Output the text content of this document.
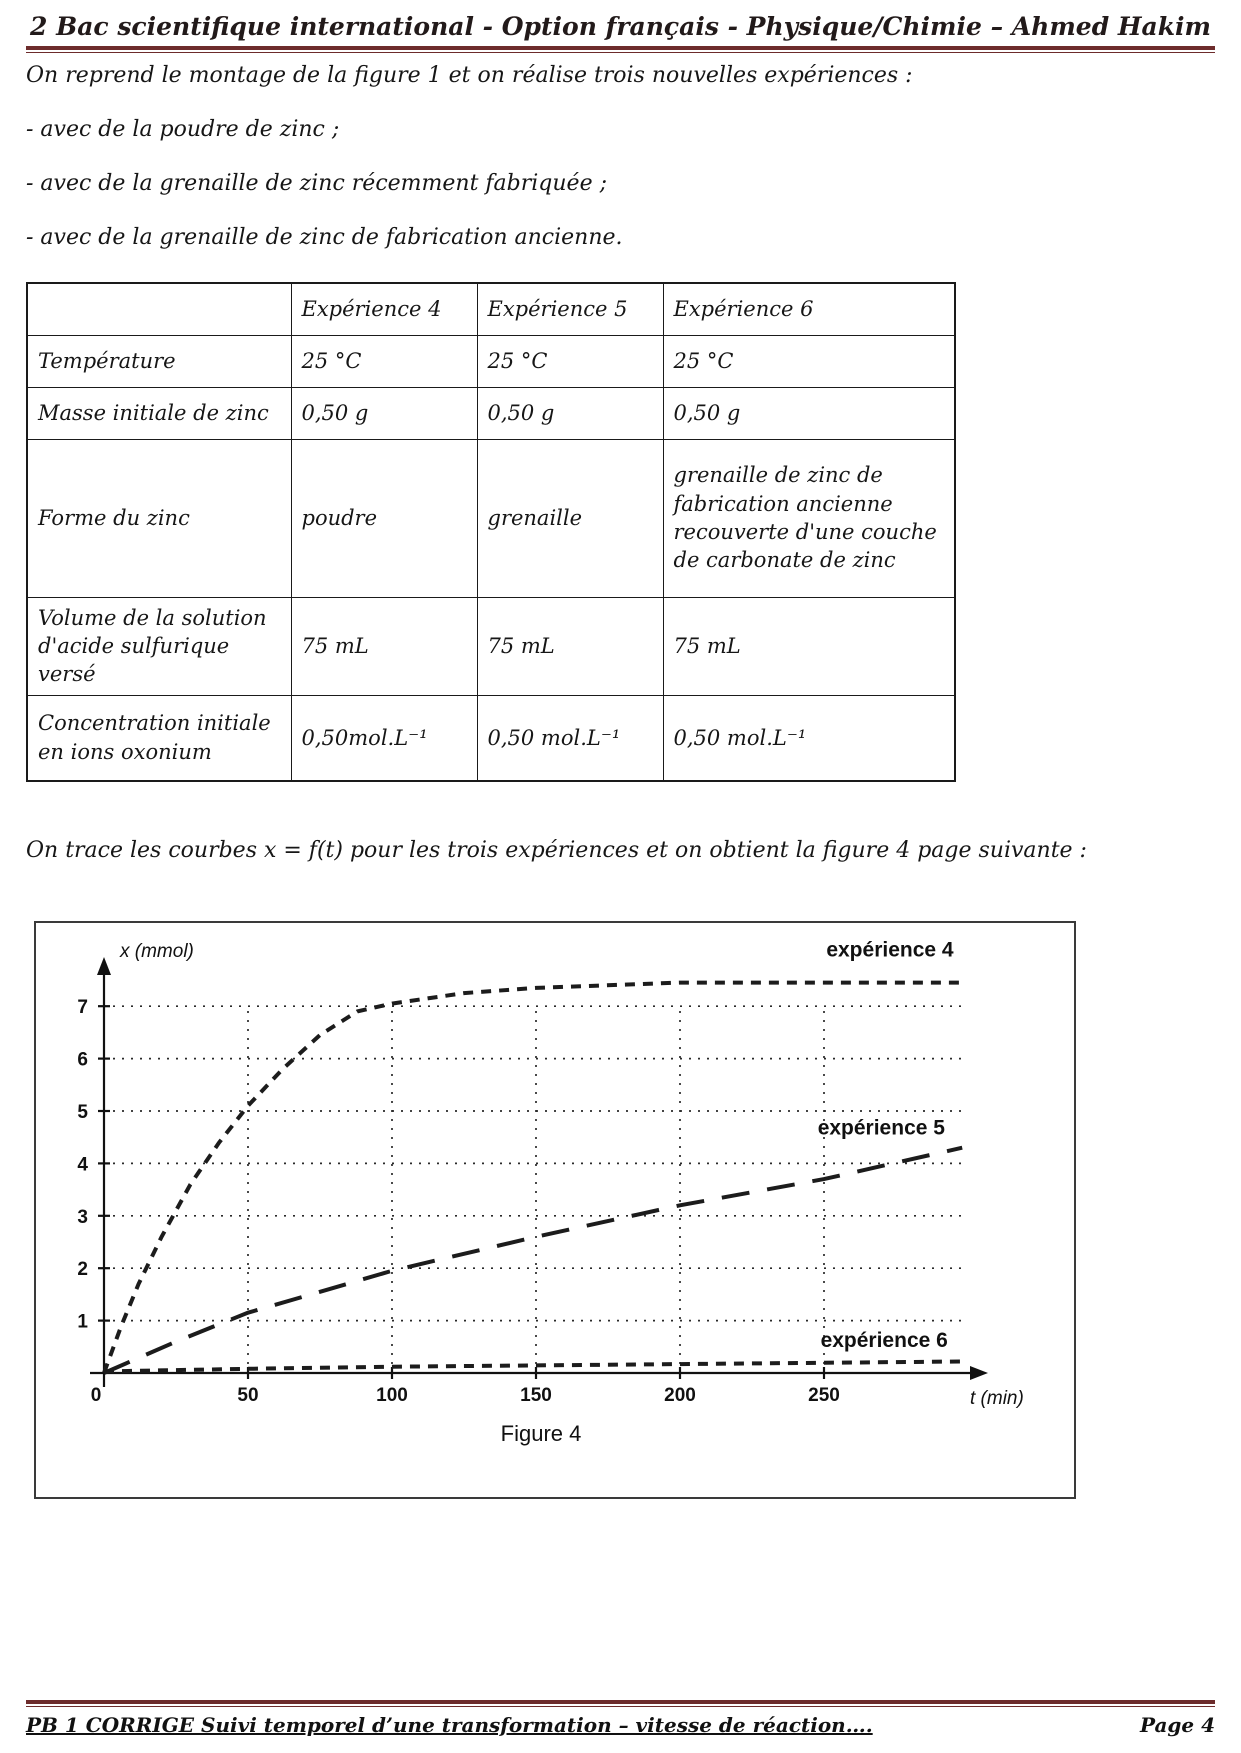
2 Bac scientifique international - Option français - Physique/Chimie – Ahmed Hakim

On reprend le montage de la figure 1 et on réalise trois nouvelles expériences :

- avec de la poudre de zinc ;

- avec de la grenaille de zinc récemment fabriquée ;

- avec de la grenaille de zinc de fabrication ancienne.

	Expérience 4	Expérience 5	Expérience 6
Température	25 °C	25 °C	25 °C
Masse initiale de zinc	0,50 g	0,50 g	0,50 g
Forme du zinc	poudre	grenaille	grenaille de zinc de fabrication ancienne recouverte d'une couche de carbonate de zinc
Volume de la solution d'acide sulfurique versé	75 mL	75 mL	75 mL
Concentration initiale en ions oxonium	0,50mol.L⁻¹	0,50 mol.L⁻¹	0,50 mol.L⁻¹

On trace les courbes x = f(t) pour les trois expériences et on obtient la figure 4 page suivante :

1
2
3
4
5
6
7
0	50	100	150	200	250
x (mmol)
t (min)
expérience 4
expérience 5
expérience 6
Figure 4
PB 1 CORRIGE Suivi temporel d’une transformation – vitesse de réaction….	Page 4
